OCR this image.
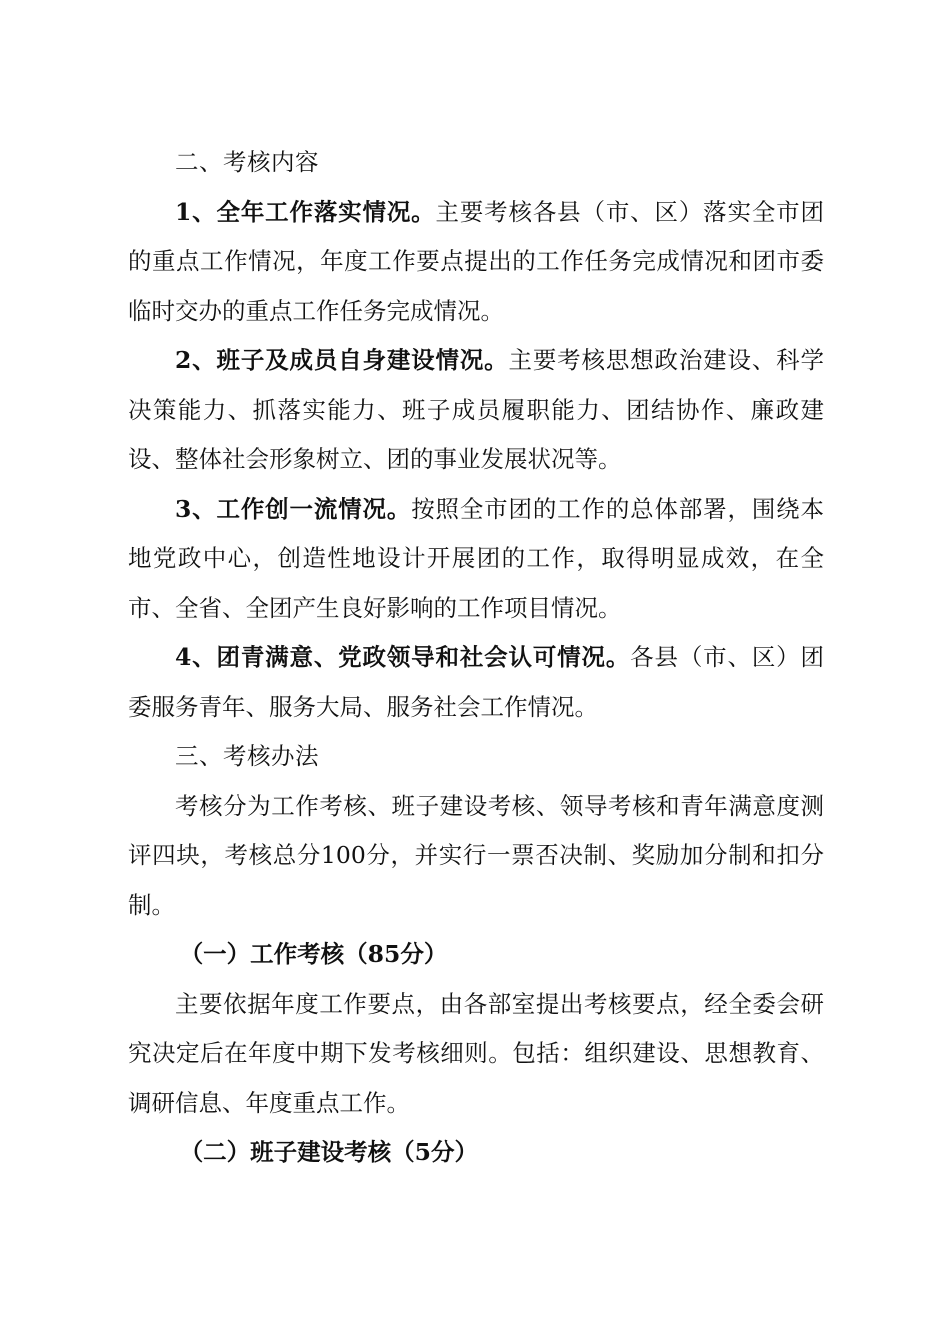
二、考核内容

1、全年工作落实情况。主要考核各县（市、区）落实全市团的重点工作情况，年度工作要点提出的工作任务完成情况和团市委临时交办的重点工作任务完成情况。

2、班子及成员自身建设情况。主要考核思想政治建设、科学决策能力、抓落实能力、班子成员履职能力、团结协作、廉政建设、整体社会形象树立、团的事业发展状况等。

3、工作创一流情况。按照全市团的工作的总体部署，围绕本地党政中心，创造性地设计开展团的工作，取得明显成效，在全市、全省、全团产生良好影响的工作项目情况。

4、团青满意、党政领导和社会认可情况。各县（市、区）团委服务青年、服务大局、服务社会工作情况。

三、考核办法

考核分为工作考核、班子建设考核、领导考核和青年满意度测评四块，考核总分100分，并实行一票否决制、奖励加分制和扣分制。

（一）工作考核（85分）

主要依据年度工作要点，由各部室提出考核要点，经全委会研究决定后在年度中期下发考核细则。包括：组织建设、思想教育、调研信息、年度重点工作。

（二）班子建设考核（5分）
